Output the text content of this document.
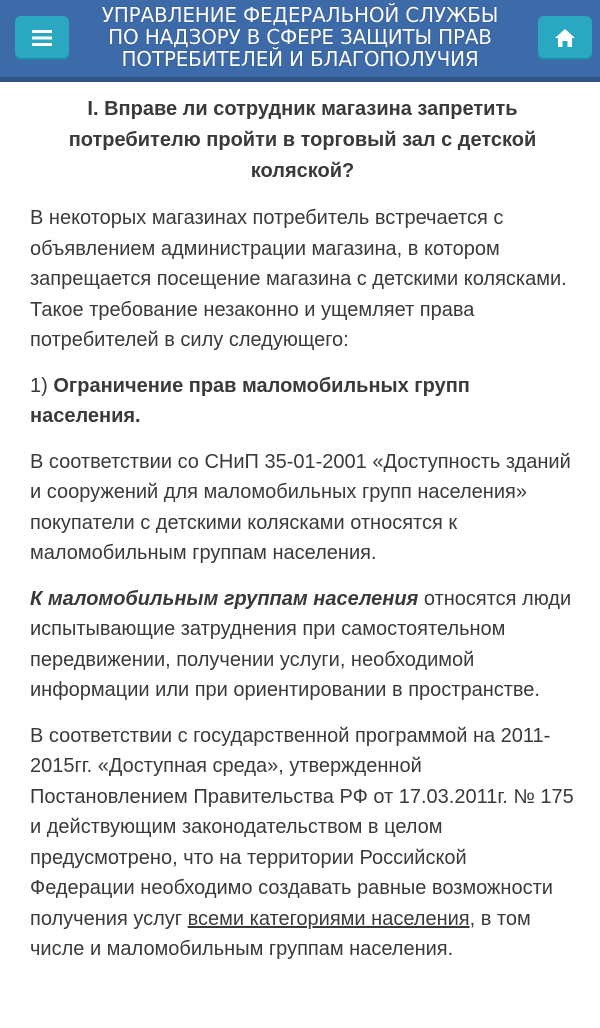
УПРАВЛЕНИЕ ФЕДЕРАЛЬНОЙ СЛУЖБЫ
ПО НАДЗОРУ В СФЕРЕ ЗАЩИТЫ ПРАВ
ПОТРЕБИТЕЛЕЙ И БЛАГОПОЛУЧИЯ
I. Вправе ли сотрудник магазина запретить потребителю пройти в торговый зал с детской коляской?

В некоторых магазинах потребитель встречается с объявлением администрации магазина, в котором запрещается посещение магазина с детскими колясками. Такое требование незаконно и ущемляет права потребителей в силу следующего:

1) Ограничение прав маломобильных групп населения.

В соответствии со СНиП 35-01-2001 «Доступность зданий и сооружений для маломобильных групп населения» покупатели с детскими колясками относятся к маломобильным группам населения.

К маломобильным группам населения относятся люди испытывающие затруднения при самостоятельном передвижении, получении услуги, необходимой информации или при ориентировании в пространстве.

В соответствии с государственной программой на 2011-2015гг. «Доступная среда», утвержденной Постановлением Правительства РФ от 17.03.2011г. № 175 и действующим законодательством в целом предусмотрено, что на территории Российской Федерации необходимо создавать равные возможности получения услуг всеми категориями населения, в том числе и маломобильным группам населения.
